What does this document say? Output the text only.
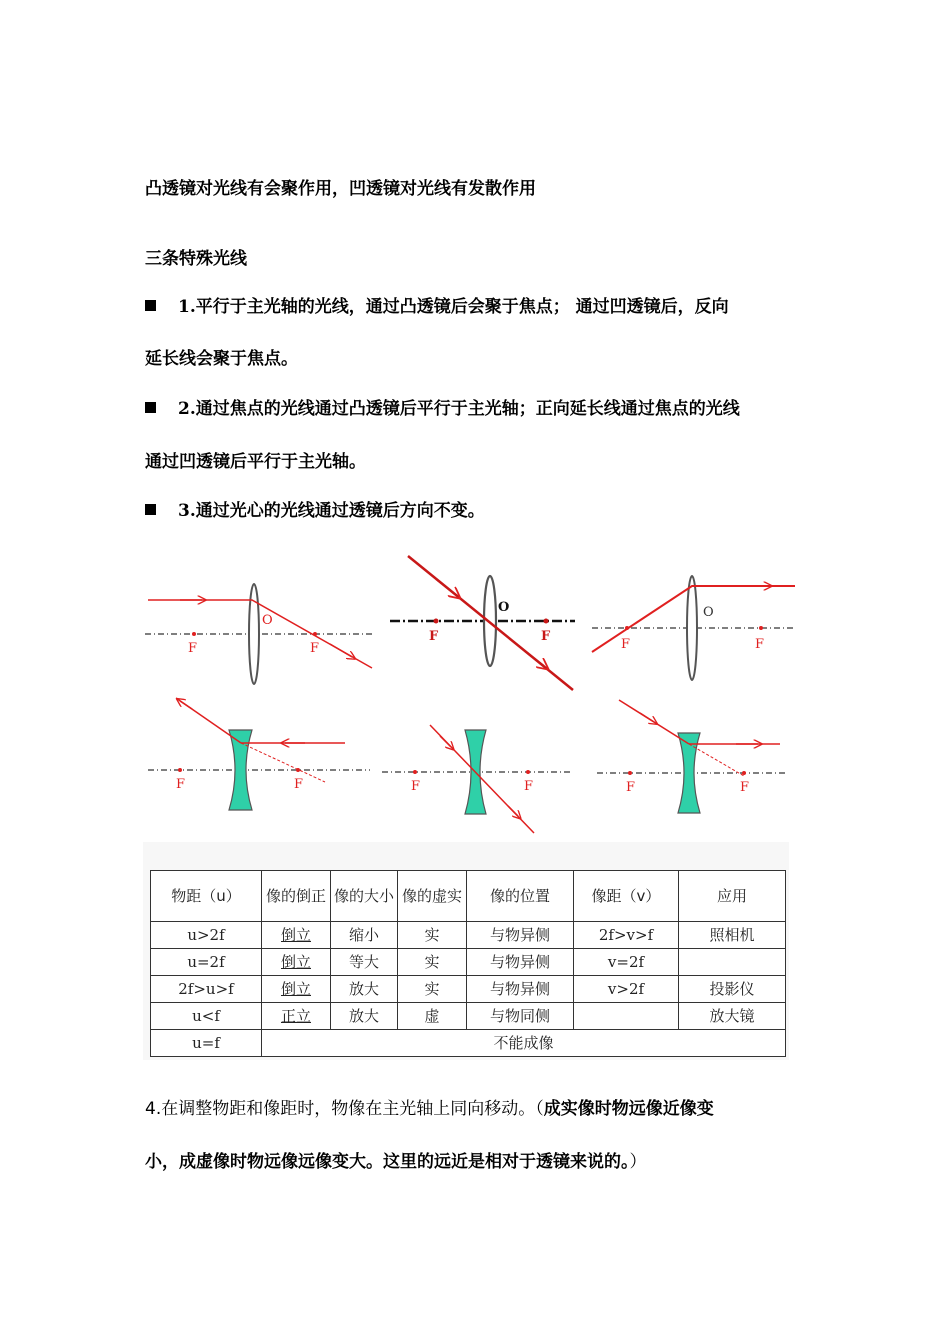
凸透镜对光线有会聚作用，凹透镜对光线有发散作用
三条特殊光线
1.平行于主光轴的光线，通过凸透镜后会聚于焦点； 通过凹透镜后，反向
延长线会聚于焦点。
2.通过焦点的光线通过凸透镜后平行于主光轴；正向延长线通过焦点的光线
通过凹透镜后平行于主光轴。
3.通过光心的光线通过透镜后方向不变。
F	F
O
F	F
O
F	F
O
F	F	F	F	F	F
物距（u）	像的倒正	像的大小	像的虚实	像的位置	像距（v）	应用
u>2f	倒立	缩小	实	与物异侧	2f>v>f	照相机
u=2f	倒立	等大	实	与物异侧	v=2f	
2f>u>f	倒立	放大	实	与物异侧	v>2f	投影仪
u<f	正立	放大	虚	与物同侧		放大镜
u=f	不能成像					
4.在调整物距和像距时，物像在主光轴上同向移动。（成实像时物远像近像变
小，成虚像时物远像远像变大。这里的远近是相对于透镜来说的。）
